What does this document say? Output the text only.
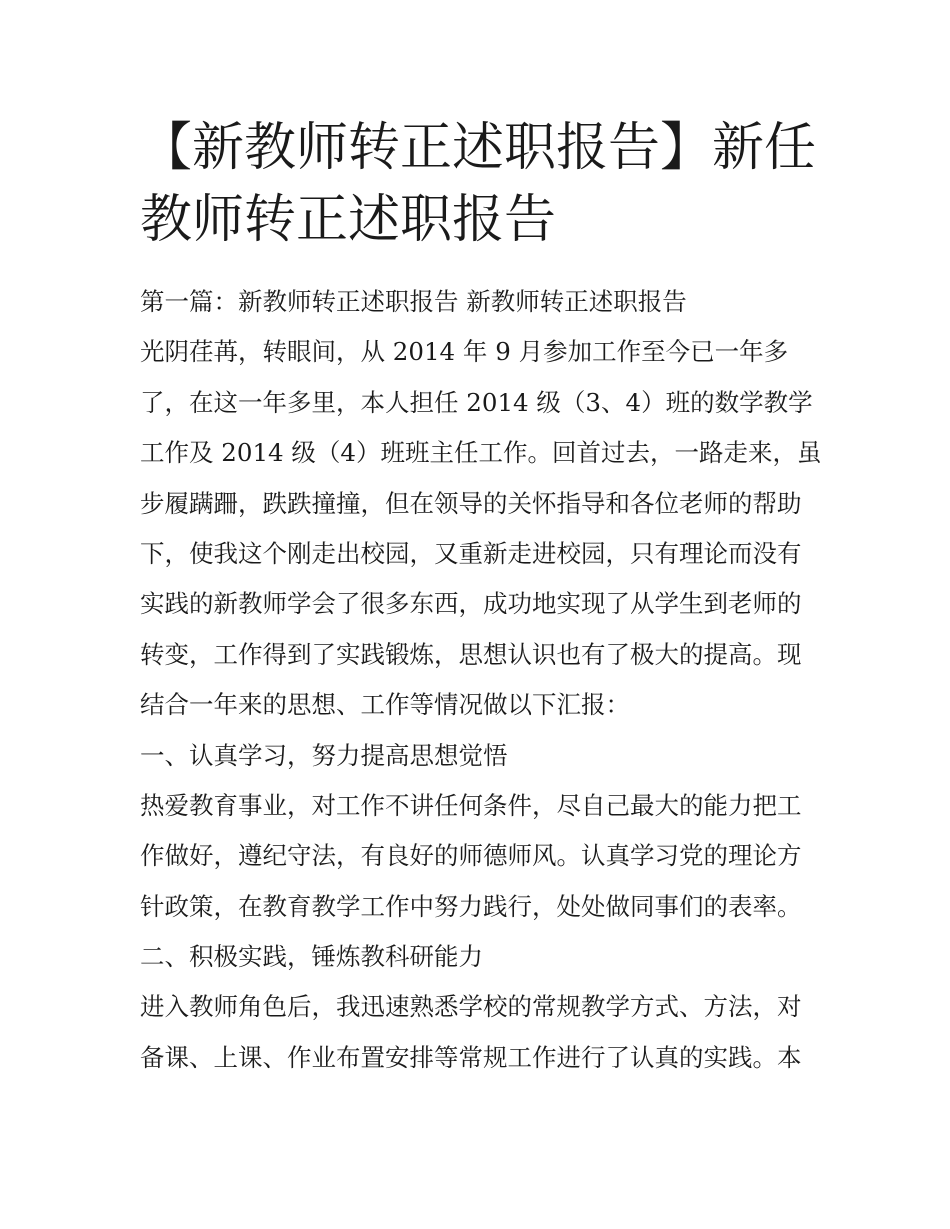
【新教师转正述职报告】新任
教师转正述职报告
第一篇：新教师转正述职报告 新教师转正述职报告
光阴荏苒，转眼间，从 2014 年 9 月参加工作至今已一年多
了，在这一年多里，本人担任 2014 级（3、4）班的数学教学
工作及 2014 级（4）班班主任工作。回首过去，一路走来，虽
步履蹒跚，跌跌撞撞，但在领导的关怀指导和各位老师的帮助
下，使我这个刚走出校园，又重新走进校园，只有理论而没有
实践的新教师学会了很多东西，成功地实现了从学生到老师的
转变，工作得到了实践锻炼，思想认识也有了极大的提高。现
结合一年来的思想、工作等情况做以下汇报：
一、认真学习，努力提高思想觉悟
热爱教育事业，对工作不讲任何条件，尽自己最大的能力把工
作做好，遵纪守法，有良好的师德师风。认真学习党的理论方
针政策，在教育教学工作中努力践行，处处做同事们的表率。
二、积极实践，锤炼教科研能力
进入教师角色后，我迅速熟悉学校的常规教学方式、方法，对
备课、上课、作业布置安排等常规工作进行了认真的实践。本
